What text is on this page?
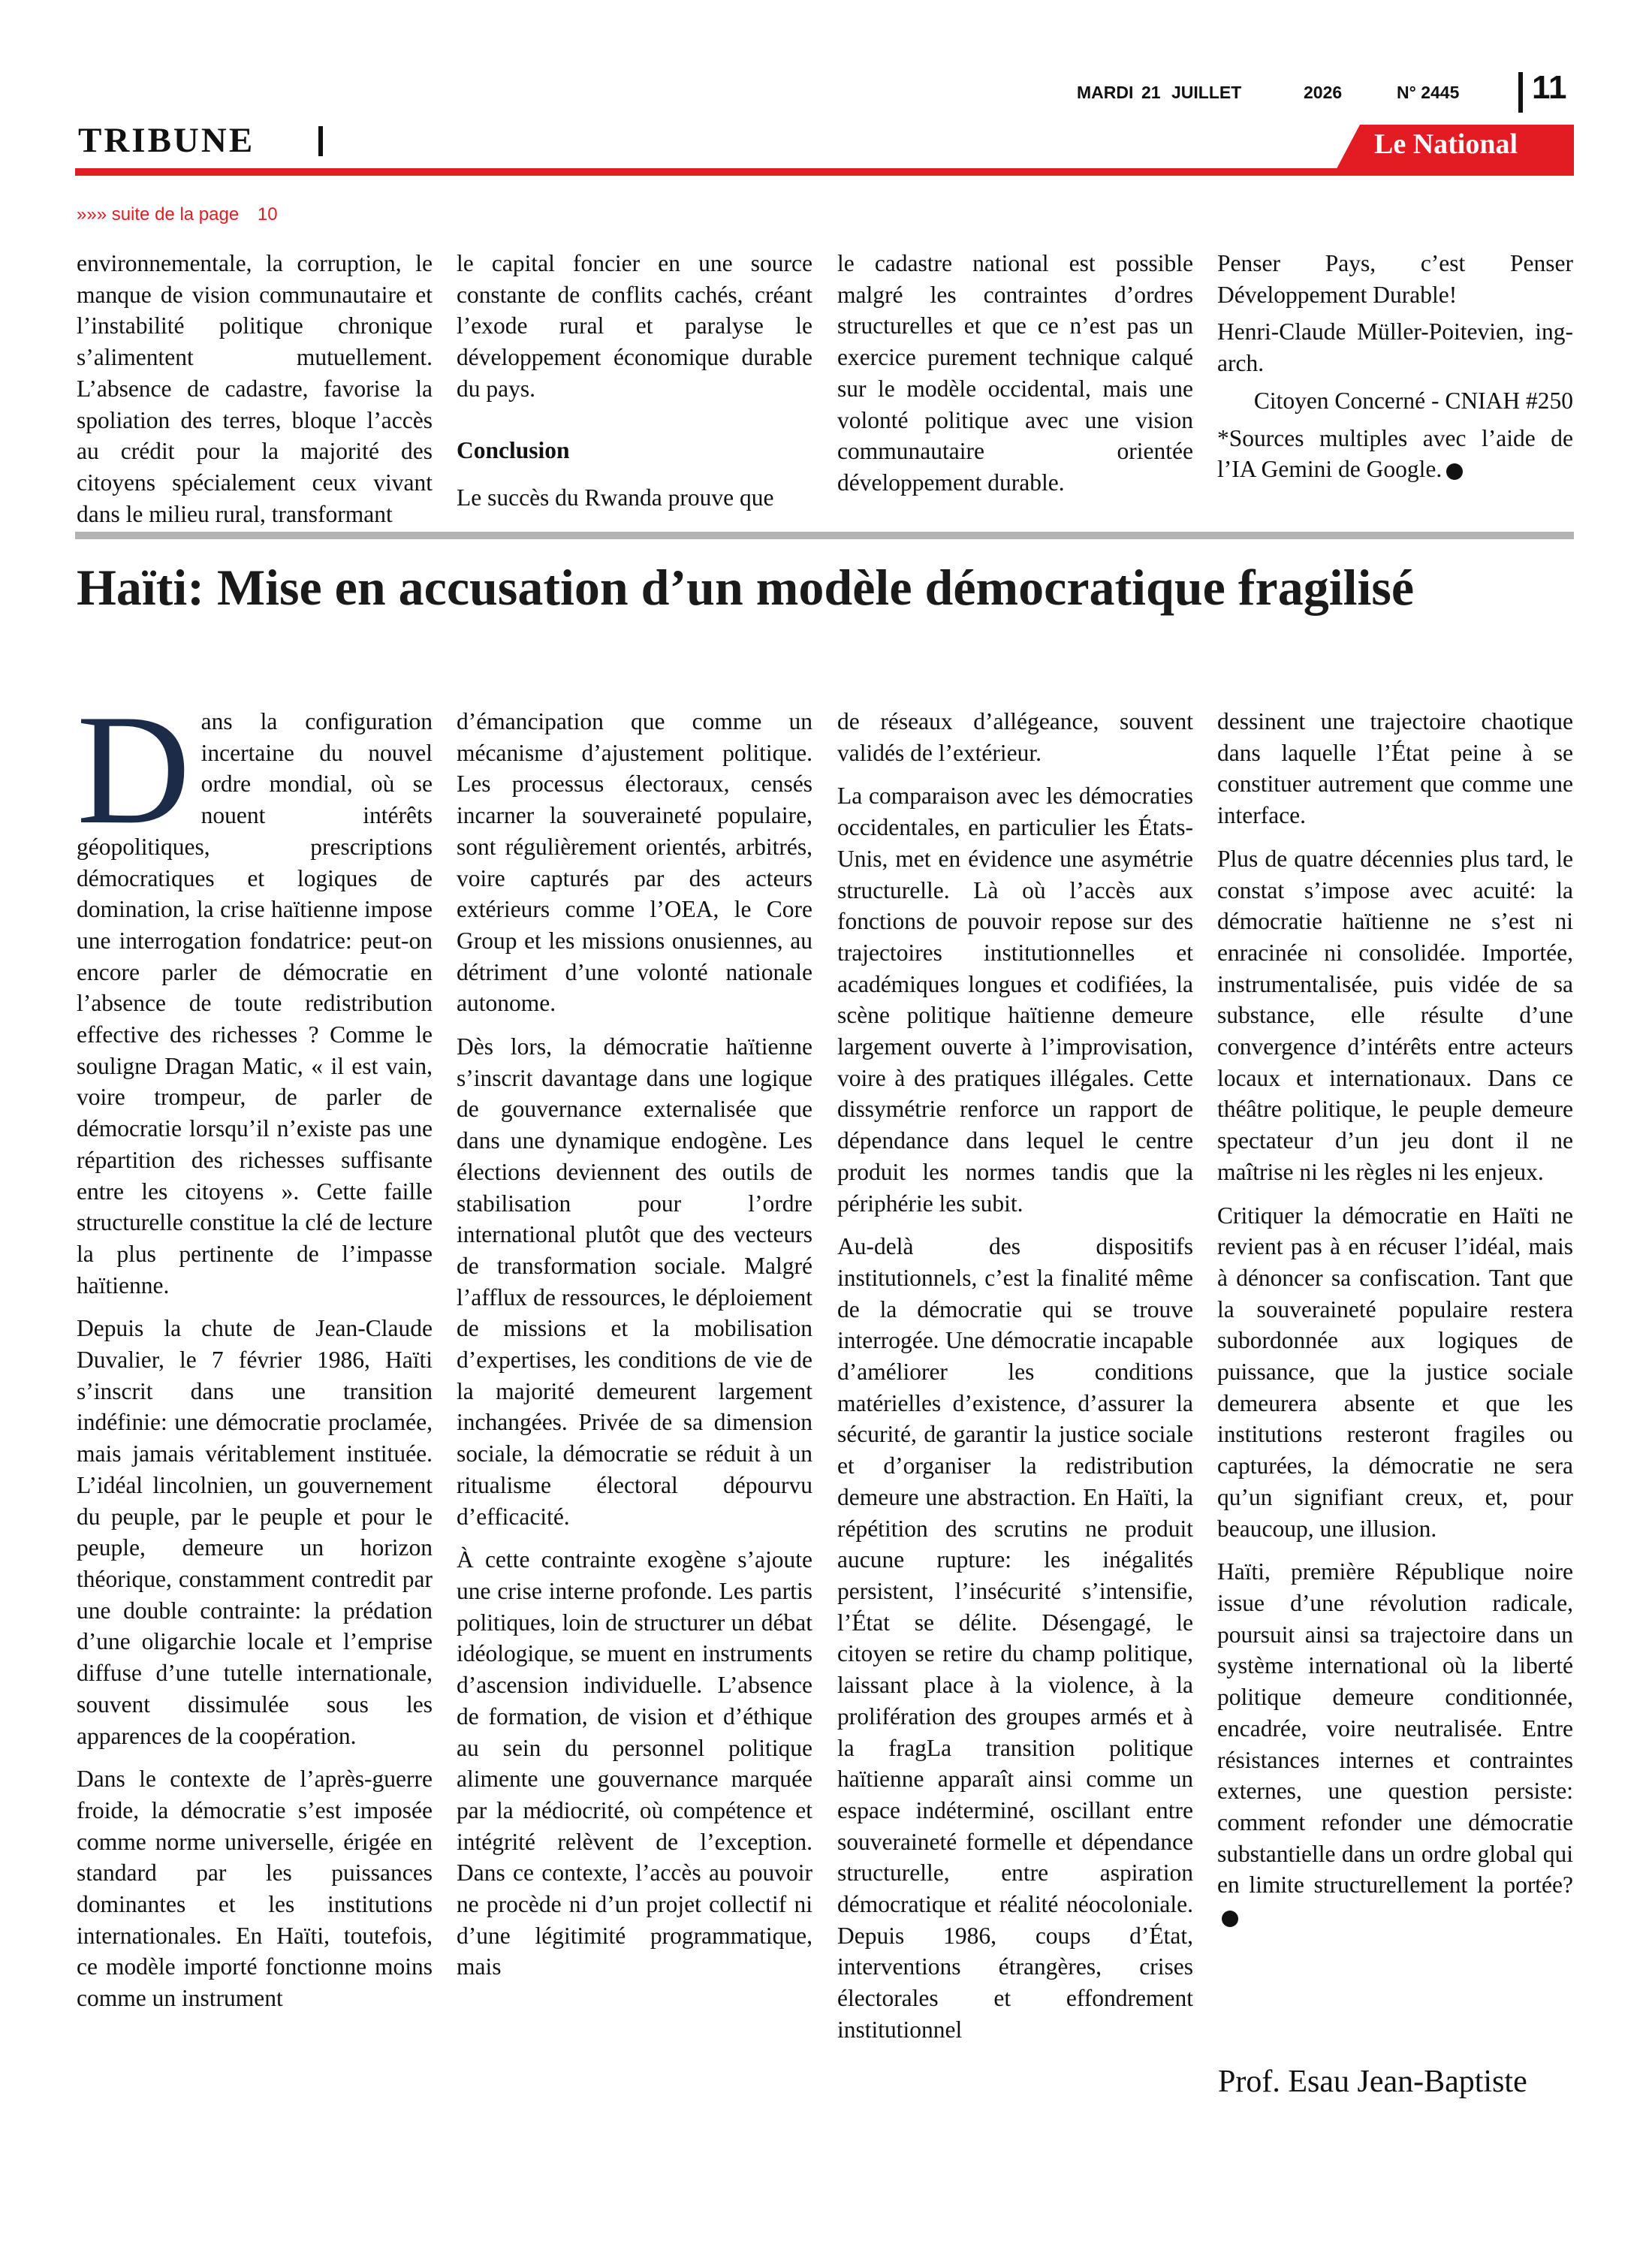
MARDI 21 JUILLET	2026	N° 2445 11
TRIBUNE	Le National
»»» suite de la page 10

environnementale, la corruption, le manque de vision communautaire et l’instabilité politique chronique s’alimentent mutuellement. L’absence de cadastre, favorise la spoliation des terres, bloque l’accès au crédit pour la majorité des citoyens spécialement ceux vivant dans le milieu rural, transformant

le capital foncier en une source constante de conflits cachés, créant l’exode rural et paralyse le développement économique durable du pays.

Conclusion

Le succès du Rwanda prouve que

le cadastre national est possible malgré les contraintes d’ordres structurelles et que ce n’est pas un exercice purement technique calqué sur le modèle occidental, mais une volonté politique avec une vision communautaire orientée développement durable.

Penser Pays, c’est Penser Développement Durable!

Henri-Claude Müller-Poitevien, ing-arch.

Citoyen Concerné - CNIAH #250

*Sources multiples avec l’aide de l’IA Gemini de Google.

Haïti: Mise en accusation d’un modèle démocratique fragilisé

Dans la configuration incertaine du nouvel ordre mondial, où se nouent intérêts géopolitiques, prescriptions démocratiques et logiques de domination, la crise haïtienne impose une interrogation fondatrice: peut-on encore parler de démocratie en l’absence de toute redistribution effective des richesses ? Comme le souligne Dragan Matic, « il est vain, voire trompeur, de parler de démocratie lorsqu’il n’existe pas une répartition des richesses suffisante entre les citoyens ». Cette faille structurelle constitue la clé de lecture la plus pertinente de l’impasse haïtienne.

Depuis la chute de Jean-Claude Duvalier, le 7 février 1986, Haïti s’inscrit dans une transition indéfinie: une démocratie proclamée, mais jamais véritablement instituée. L’idéal lincolnien, un gouvernement du peuple, par le peuple et pour le peuple, demeure un horizon théorique, constamment contredit par une double contrainte: la prédation d’une oligarchie locale et l’emprise diffuse d’une tutelle internationale, souvent dissimulée sous les apparences de la coopération.

Dans le contexte de l’après-guerre froide, la démocratie s’est imposée comme norme universelle, érigée en standard par les puissances dominantes et les institutions internationales. En Haïti, toutefois, ce modèle importé fonctionne moins comme un instrument

d’émancipation que comme un mécanisme d’ajustement politique. Les processus électoraux, censés incarner la souveraineté populaire, sont régulièrement orientés, arbitrés, voire capturés par des acteurs extérieurs comme l’OEA, le Core Group et les missions onusiennes, au détriment d’une volonté nationale autonome.

Dès lors, la démocratie haïtienne s’inscrit davantage dans une logique de gouvernance externalisée que dans une dynamique endogène. Les élections deviennent des outils de stabilisation pour l’ordre international plutôt que des vecteurs de transformation sociale. Malgré l’afflux de ressources, le déploiement de missions et la mobilisation d’expertises, les conditions de vie de la majorité demeurent largement inchangées. Privée de sa dimension sociale, la démocratie se réduit à un ritualisme électoral dépourvu d’efficacité.

À cette contrainte exogène s’ajoute une crise interne profonde. Les partis politiques, loin de structurer un débat idéologique, se muent en instruments d’ascension individuelle. L’absence de formation, de vision et d’éthique au sein du personnel politique alimente une gouvernance marquée par la médiocrité, où compétence et intégrité relèvent de l’exception. Dans ce contexte, l’accès au pouvoir ne procède ni d’un projet collectif ni d’une légitimité programmatique, mais

de réseaux d’allégeance, souvent validés de l’extérieur.

La comparaison avec les démocraties occidentales, en particulier les États-Unis, met en évidence une asymétrie structurelle. Là où l’accès aux fonctions de pouvoir repose sur des trajectoires institutionnelles et académiques longues et codifiées, la scène politique haïtienne demeure largement ouverte à l’improvisation, voire à des pratiques illégales. Cette dissymétrie renforce un rapport de dépendance dans lequel le centre produit les normes tandis que la périphérie les subit.

Au-delà des dispositifs institutionnels, c’est la finalité même de la démocratie qui se trouve interrogée. Une démocratie incapable d’améliorer les conditions matérielles d’existence, d’assurer la sécurité, de garantir la justice sociale et d’organiser la redistribution demeure une abstraction. En Haïti, la répétition des scrutins ne produit aucune rupture: les inégalités persistent, l’insécurité s’intensifie, l’État se délite. Désengagé, le citoyen se retire du champ politique, laissant place à la violence, à la prolifération des groupes armés et à la fragLa transition politique haïtienne apparaît ainsi comme un espace indéterminé, oscillant entre souveraineté formelle et dépendance structurelle, entre aspiration démocratique et réalité néocoloniale. Depuis 1986, coups d’État, interventions étrangères, crises électorales et effondrement institutionnel

dessinent une trajectoire chaotique dans laquelle l’État peine à se constituer autrement que comme une interface.

Plus de quatre décennies plus tard, le constat s’impose avec acuité: la démocratie haïtienne ne s’est ni enracinée ni consolidée. Importée, instrumentalisée, puis vidée de sa substance, elle résulte d’une convergence d’intérêts entre acteurs locaux et internationaux. Dans ce théâtre politique, le peuple demeure spectateur d’un jeu dont il ne maîtrise ni les règles ni les enjeux.

Critiquer la démocratie en Haïti ne revient pas à en récuser l’idéal, mais à dénoncer sa confiscation. Tant que la souveraineté populaire restera subordonnée aux logiques de puissance, que la justice sociale demeurera absente et que les institutions resteront fragiles ou capturées, la démocratie ne sera qu’un signifiant creux, et, pour beaucoup, une illusion.

Haïti, première République noire issue d’une révolution radicale, poursuit ainsi sa trajectoire dans un système international où la liberté politique demeure conditionnée, encadrée, voire neutralisée. Entre résistances internes et contraintes externes, une question persiste: comment refonder une démocratie substantielle dans un ordre global qui en limite structurellement la portée?

Prof. Esau Jean-Baptiste
